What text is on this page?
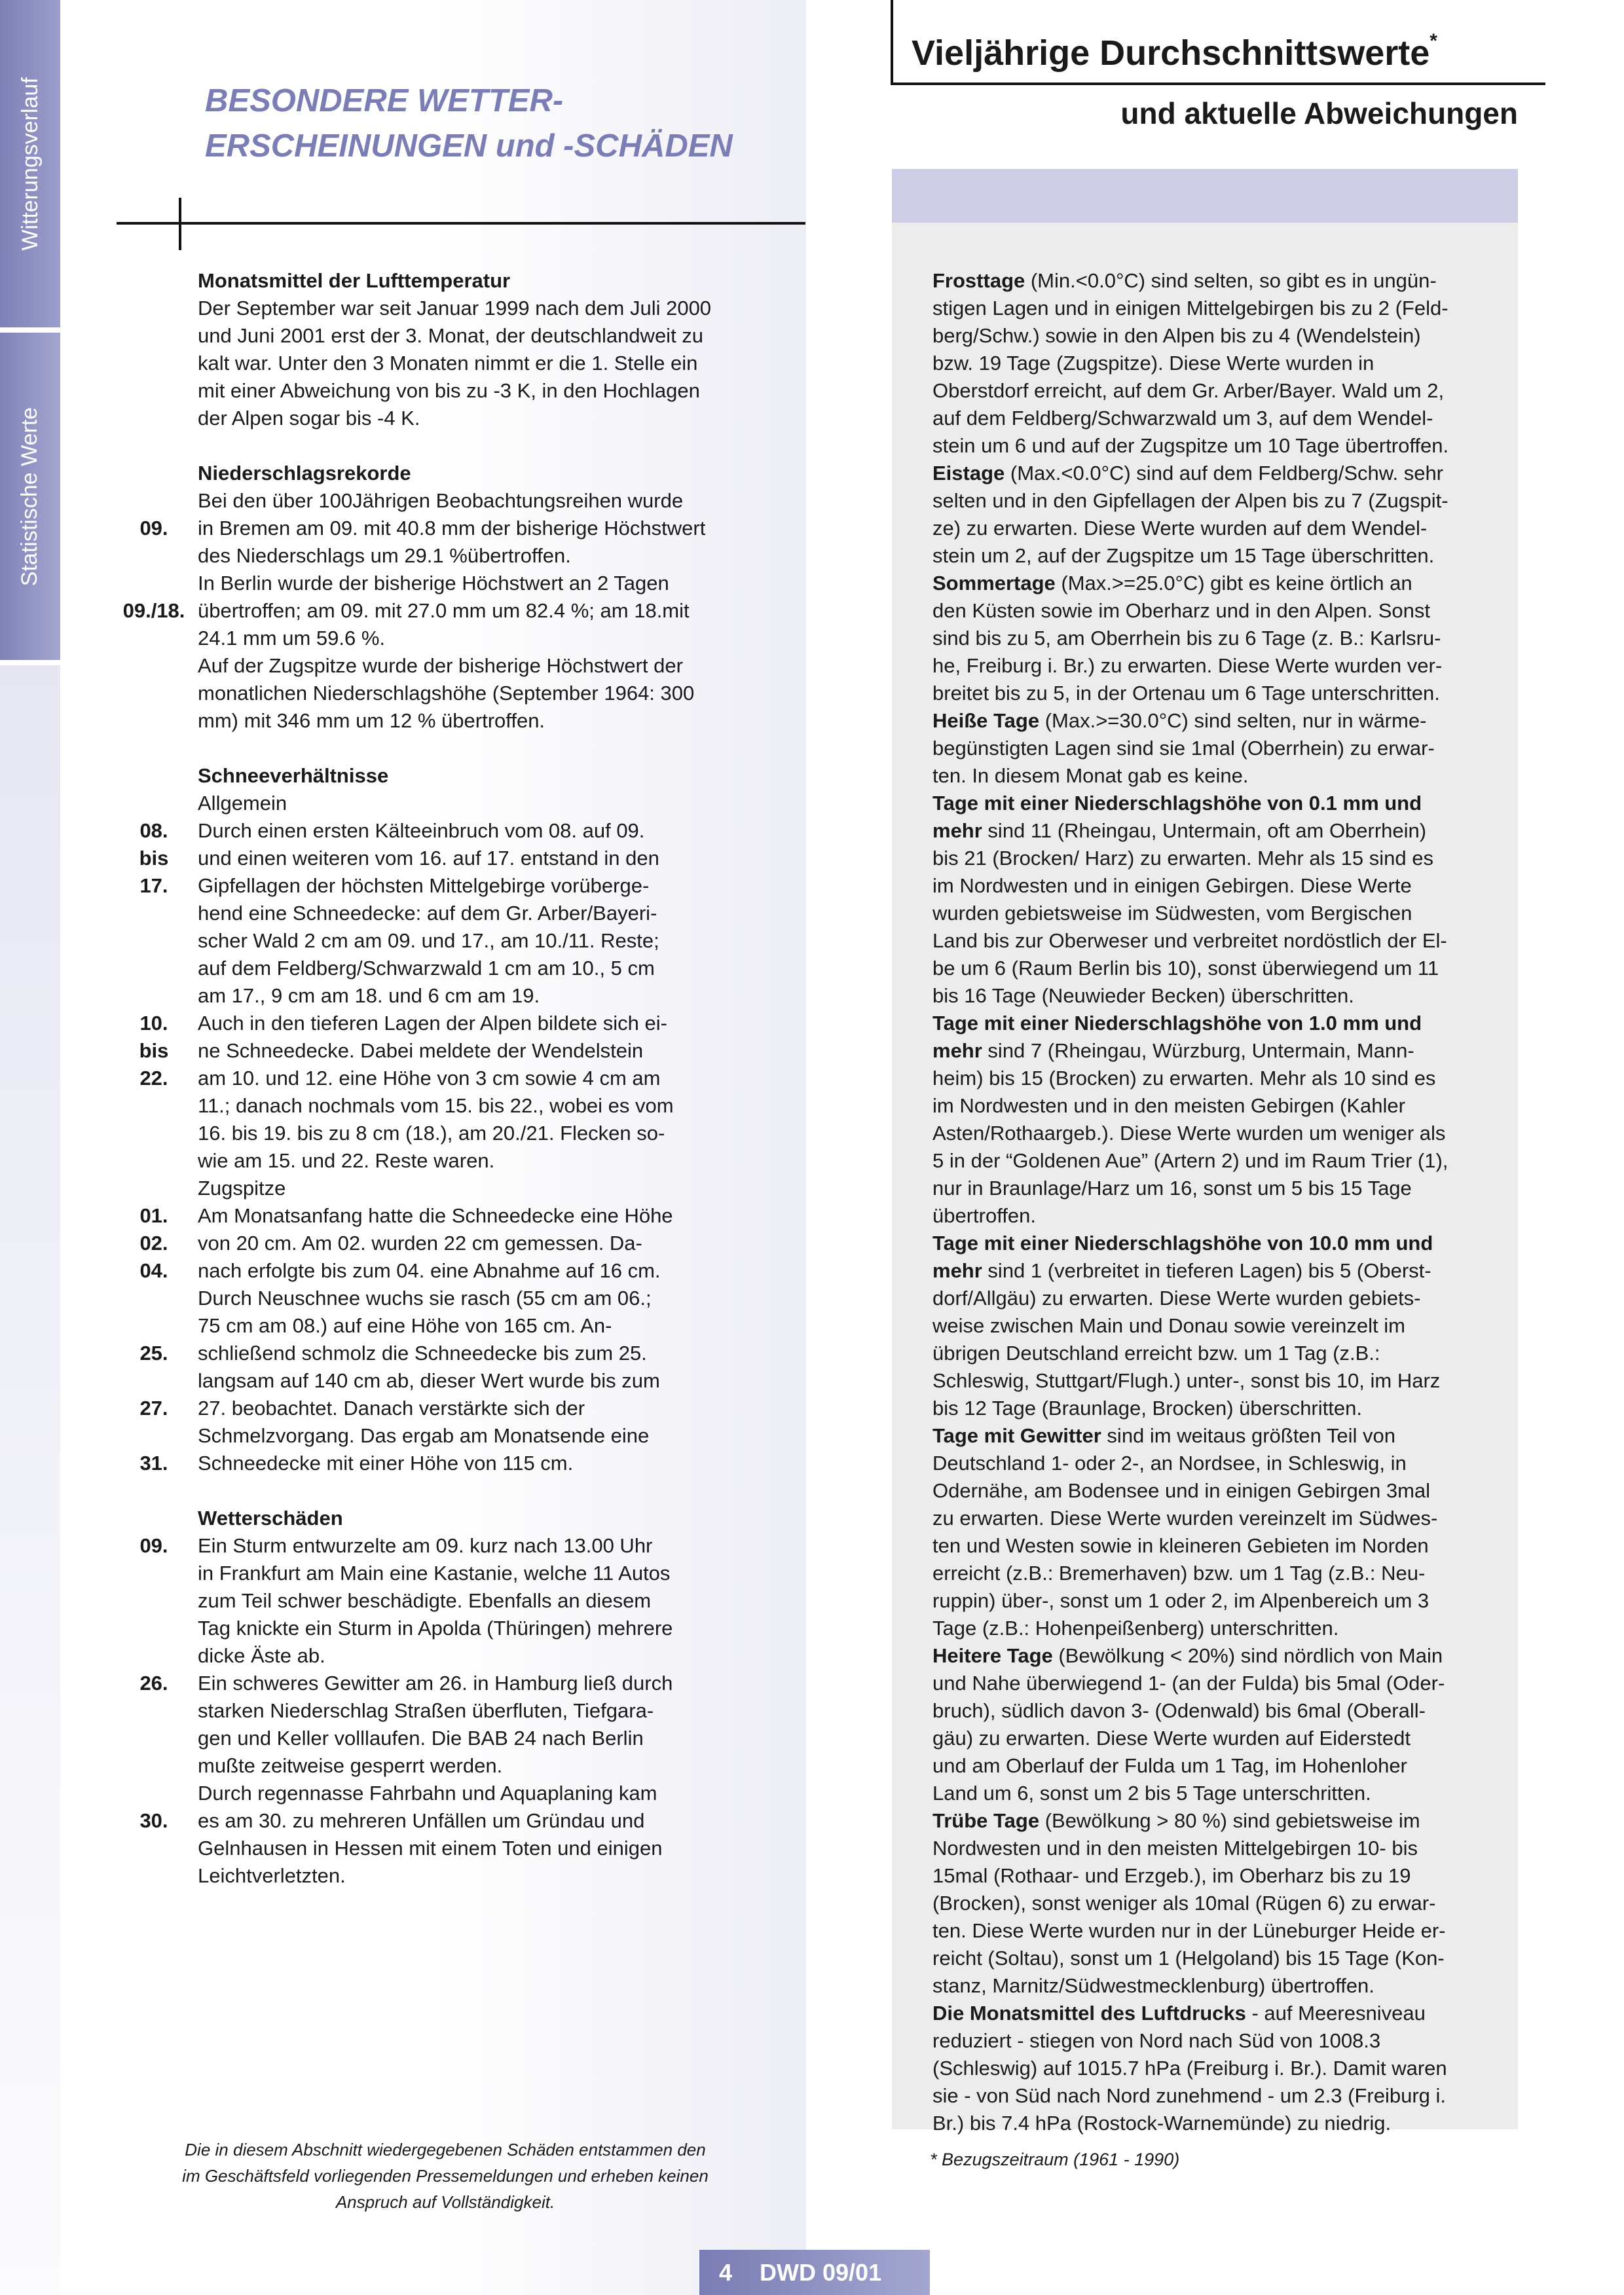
Witterungsverlauf
Statistische Werte
BESONDERE WETTER-
ERSCHEINUNGEN und -SCHÄDEN
Monatsmittel der Lufttemperatur
Der September war seit Januar 1999 nach dem Juli 2000
und Juni 2001 erst der 3. Monat, der deutschlandweit zu
kalt war. Unter den 3 Monaten nimmt er die 1. Stelle ein
mit einer Abweichung von bis zu -3 K, in den Hochlagen
der Alpen sogar bis -4 K.
Niederschlagsrekorde
Bei den über 100Jährigen Beobachtungsreihen wurde
09.	in Bremen am 09. mit 40.8 mm der bisherige Höchstwert
des Niederschlags um 29.1 %übertroffen.
In Berlin wurde der bisherige Höchstwert an 2 Tagen
09./18. übertroffen; am 09. mit 27.0 mm um 82.4 %; am 18.mit
24.1 mm um 59.6 %.
Auf der Zugspitze wurde der bisherige Höchstwert der
monatlichen Niederschlagshöhe (September 1964: 300
mm) mit 346 mm um 12 % übertroffen.
Schneeverhältnisse
Allgemein
08.	Durch einen ersten Kälteeinbruch vom 08. auf 09.
bis	und einen weiteren vom 16. auf 17. entstand in den
17.	Gipfellagen der höchsten Mittelgebirge vorüberge-
hend eine Schneedecke: auf dem Gr. Arber/Bayeri-
scher Wald 2 cm am 09. und 17., am 10./11. Reste;
auf dem Feldberg/Schwarzwald 1 cm am 10., 5 cm
am 17., 9 cm am 18. und 6 cm am 19.
10.	Auch in den tieferen Lagen der Alpen bildete sich ei-
bis	ne Schneedecke. Dabei meldete der Wendelstein
22.	am 10. und 12. eine Höhe von 3 cm sowie 4 cm am
11.; danach nochmals vom 15. bis 22., wobei es vom
16. bis 19. bis zu 8 cm (18.), am 20./21. Flecken so-
wie am 15. und 22. Reste waren.
Zugspitze
01.	Am Monatsanfang hatte die Schneedecke eine Höhe
02.	von 20 cm. Am 02. wurden 22 cm gemessen. Da-
04.	nach erfolgte bis zum 04. eine Abnahme auf 16 cm.
Durch Neuschnee wuchs sie rasch (55 cm am 06.;
75 cm am 08.) auf eine Höhe von 165 cm. An-
25.	schließend schmolz die Schneedecke bis zum 25.
langsam auf 140 cm ab, dieser Wert wurde bis zum
27.	27. beobachtet. Danach verstärkte sich der
Schmelzvorgang. Das ergab am Monatsende eine
31.	Schneedecke mit einer Höhe von 115 cm.
Wetterschäden
09.	Ein Sturm entwurzelte am 09. kurz nach 13.00 Uhr
in Frankfurt am Main eine Kastanie, welche 11 Autos
zum Teil schwer beschädigte. Ebenfalls an diesem
Tag knickte ein Sturm in Apolda (Thüringen) mehrere
dicke Äste ab.
26.	Ein schweres Gewitter am 26. in Hamburg ließ durch
starken Niederschlag Straßen überfluten, Tiefgara-
gen und Keller volllaufen. Die BAB 24 nach Berlin
mußte zeitweise gesperrt werden.
Durch regennasse Fahrbahn und Aquaplaning kam
30.	es am 30. zu mehreren Unfällen um Gründau und
Gelnhausen in Hessen mit einem Toten und einigen
Leichtverletzten.
Die in diesem Abschnitt wiedergegebenen Schäden entstammen den
im Geschäftsfeld vorliegenden Pressemeldungen und erheben keinen
Anspruch auf Vollständigkeit.
Vieljährige Durchschnittswerte*
und aktuelle Abweichungen
Frosttage (Min.<0.0°C) sind selten, so gibt es in ungün-
stigen Lagen und in einigen Mittelgebirgen bis zu 2 (Feld-
berg/Schw.) sowie in den Alpen bis zu 4 (Wendelstein)
bzw. 19 Tage (Zugspitze). Diese Werte wurden in
Oberstdorf erreicht, auf dem Gr. Arber/Bayer. Wald um 2,
auf dem Feldberg/Schwarzwald um 3, auf dem Wendel-
stein um 6 und auf der Zugspitze um 10 Tage übertroffen.
Eistage (Max.<0.0°C) sind auf dem Feldberg/Schw. sehr
selten und in den Gipfellagen der Alpen bis zu 7 (Zugspit-
ze) zu erwarten. Diese Werte wurden auf dem Wendel-
stein um 2, auf der Zugspitze um 15 Tage überschritten.
Sommertage (Max.>=25.0°C) gibt es keine örtlich an
den Küsten sowie im Oberharz und in den Alpen. Sonst
sind bis zu 5, am Oberrhein bis zu 6 Tage (z. B.: Karlsru-
he, Freiburg i. Br.) zu erwarten. Diese Werte wurden ver-
breitet bis zu 5, in der Ortenau um 6 Tage unterschritten.
Heiße Tage (Max.>=30.0°C) sind selten, nur in wärme-
begünstigten Lagen sind sie 1mal (Oberrhein) zu erwar-
ten. In diesem Monat gab es keine.
Tage mit einer Niederschlagshöhe von 0.1 mm und
mehr sind 11 (Rheingau, Untermain, oft am Oberrhein)
bis 21 (Brocken/ Harz) zu erwarten. Mehr als 15 sind es
im Nordwesten und in einigen Gebirgen. Diese Werte
wurden gebietsweise im Südwesten, vom Bergischen
Land bis zur Oberweser und verbreitet nordöstlich der El-
be um 6 (Raum Berlin bis 10), sonst überwiegend um 11
bis 16 Tage (Neuwieder Becken) überschritten.
Tage mit einer Niederschlagshöhe von 1.0 mm und
mehr sind 7 (Rheingau, Würzburg, Untermain, Mann-
heim) bis 15 (Brocken) zu erwarten. Mehr als 10 sind es
im Nordwesten und in den meisten Gebirgen (Kahler
Asten/Rothaargeb.). Diese Werte wurden um weniger als
5 in der “Goldenen Aue” (Artern 2) und im Raum Trier (1),
nur in Braunlage/Harz um 16, sonst um 5 bis 15 Tage
übertroffen.
Tage mit einer Niederschlagshöhe von 10.0 mm und
mehr sind 1 (verbreitet in tieferen Lagen) bis 5 (Oberst-
dorf/Allgäu) zu erwarten. Diese Werte wurden gebiets-
weise zwischen Main und Donau sowie vereinzelt im
übrigen Deutschland erreicht bzw. um 1 Tag (z.B.:
Schleswig, Stuttgart/Flugh.) unter-, sonst bis 10, im Harz
bis 12 Tage (Braunlage, Brocken) überschritten.
Tage mit Gewitter sind im weitaus größten Teil von
Deutschland 1- oder 2-, an Nordsee, in Schleswig, in
Odernähe, am Bodensee und in einigen Gebirgen 3mal
zu erwarten. Diese Werte wurden vereinzelt im Südwes-
ten und Westen sowie in kleineren Gebieten im Norden
erreicht (z.B.: Bremerhaven) bzw. um 1 Tag (z.B.: Neu-
ruppin) über-, sonst um 1 oder 2, im Alpenbereich um 3
Tage (z.B.: Hohenpeißenberg) unterschritten.
Heitere Tage (Bewölkung < 20%) sind nördlich von Main
und Nahe überwiegend 1- (an der Fulda) bis 5mal (Oder-
bruch), südlich davon 3- (Odenwald) bis 6mal (Oberall-
gäu) zu erwarten. Diese Werte wurden auf Eiderstedt
und am Oberlauf der Fulda um 1 Tag, im Hohenloher
Land um 6, sonst um 2 bis 5 Tage unterschritten.
Trübe Tage (Bewölkung > 80 %) sind gebietsweise im
Nordwesten und in den meisten Mittelgebirgen 10- bis
15mal (Rothaar- und Erzgeb.), im Oberharz bis zu 19
(Brocken), sonst weniger als 10mal (Rügen 6) zu erwar-
ten. Diese Werte wurden nur in der Lüneburger Heide er-
reicht (Soltau), sonst um 1 (Helgoland) bis 15 Tage (Kon-
stanz, Marnitz/Südwestmecklenburg) übertroffen.
Die Monatsmittel des Luftdrucks - auf Meeresniveau
reduziert - stiegen von Nord nach Süd von 1008.3
(Schleswig) auf 1015.7 hPa (Freiburg i. Br.). Damit waren
sie - von Süd nach Nord zunehmend - um 2.3 (Freiburg i.
Br.) bis 7.4 hPa (Rostock-Warnemünde) zu niedrig.
* Bezugszeitraum (1961 - 1990)
4 DWD 09/01
